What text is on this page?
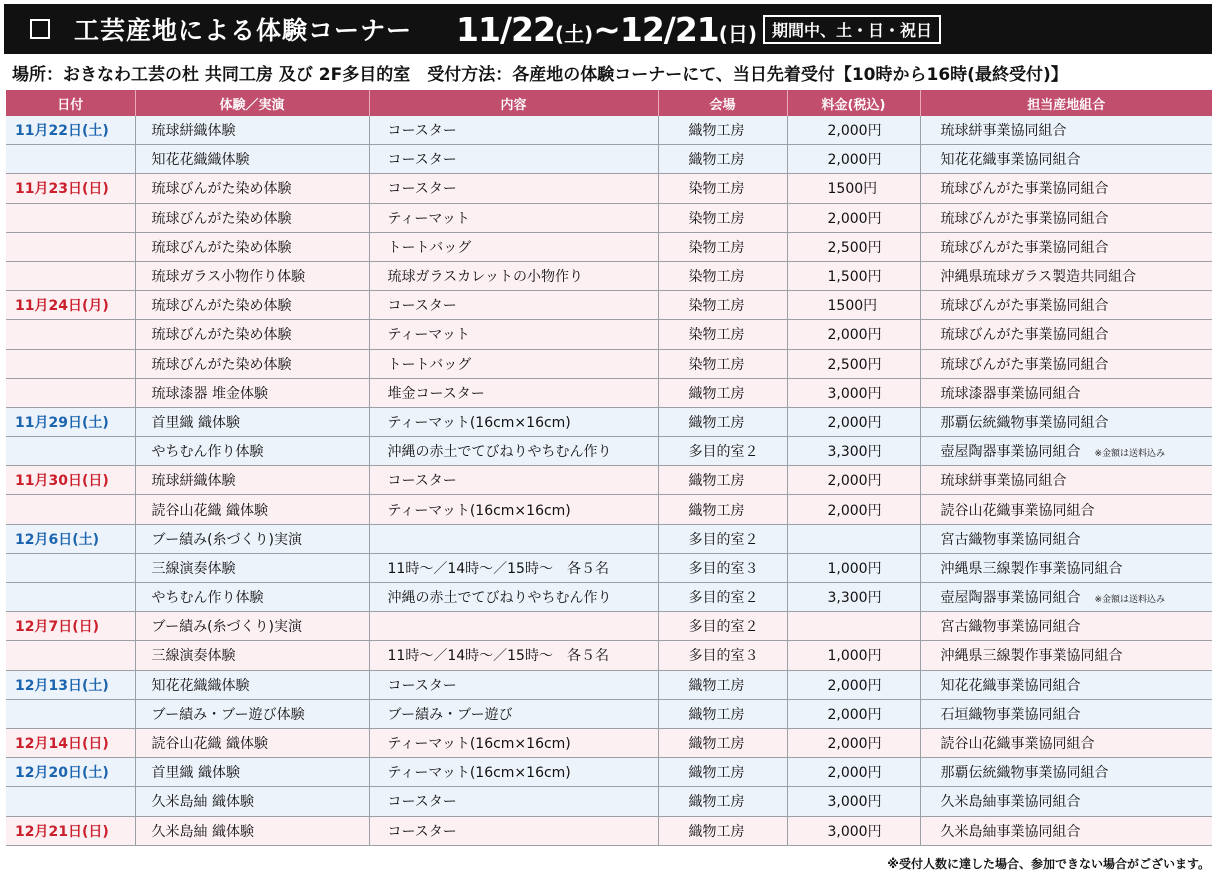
工芸産地による体験コーナー 11/22(土)~12/21(日) 期間中、土・日・祝日
場所：おきなわ工芸の杜 共同工房 及び 2F多目的室　受付方法：各産地の体験コーナーにて、当日先着受付【10時から16時(最終受付)】
日付	体験／実演	内容	会場	料金(税込)	担当産地組合
11月22日(土)	琉球絣織体験	コースター	織物工房	2,000円	琉球絣事業協同組合
	知花花織織体験	コースター	織物工房	2,000円	知花花織事業協同組合
11月23日(日)	琉球びんがた染め体験	コースター	染物工房	1500円	琉球びんがた事業協同組合
	琉球びんがた染め体験	ティーマット	染物工房	2,000円	琉球びんがた事業協同組合
	琉球びんがた染め体験	トートバッグ	染物工房	2,500円	琉球びんがた事業協同組合
	琉球ガラス小物作り体験	琉球ガラスカレットの小物作り	染物工房	1,500円	沖縄県琉球ガラス製造共同組合
11月24日(月)	琉球びんがた染め体験	コースター	染物工房	1500円	琉球びんがた事業協同組合
	琉球びんがた染め体験	ティーマット	染物工房	2,000円	琉球びんがた事業協同組合
	琉球びんがた染め体験	トートバッグ	染物工房	2,500円	琉球びんがた事業協同組合
	琉球漆器 堆金体験	堆金コースター	織物工房	3,000円	琉球漆器事業協同組合
11月29日(土)	首里織 織体験	ティーマット(16cm×16cm)	織物工房	2,000円	那覇伝統織物事業協同組合
	やちむん作り体験	沖縄の赤土でてびねりやちむん作り	多目的室２	3,300円	壺屋陶器事業協同組合 ※金額は送料込み
11月30日(日)	琉球絣織体験	コースター	織物工房	2,000円	琉球絣事業協同組合
	読谷山花織 織体験	ティーマット(16cm×16cm)	織物工房	2,000円	読谷山花織事業協同組合
12月6日(土)	ブー績み(糸づくり)実演		多目的室２		宮古織物事業協同組合
	三線演奏体験	11時～／14時～／15時～　各５名	多目的室３	1,000円	沖縄県三線製作事業協同組合
	やちむん作り体験	沖縄の赤土でてびねりやちむん作り	多目的室２	3,300円	壺屋陶器事業協同組合 ※金額は送料込み
12月7日(日)	ブー績み(糸づくり)実演		多目的室２		宮古織物事業協同組合
	三線演奏体験	11時～／14時～／15時～　各５名	多目的室３	1,000円	沖縄県三線製作事業協同組合
12月13日(土)	知花花織織体験	コースター	織物工房	2,000円	知花花織事業協同組合
	ブー績み・ブー遊び体験	ブー績み・ブー遊び	織物工房	2,000円	石垣織物事業協同組合
12月14日(日)	読谷山花織 織体験	ティーマット(16cm×16cm)	織物工房	2,000円	読谷山花織事業協同組合
12月20日(土)	首里織 織体験	ティーマット(16cm×16cm)	織物工房	2,000円	那覇伝統織物事業協同組合
	久米島紬 織体験	コースター	織物工房	3,000円	久米島紬事業協同組合
12月21日(日)	久米島紬 織体験	コースター	織物工房	3,000円	久米島紬事業協同組合
※受付人数に達した場合、参加できない場合がございます。
